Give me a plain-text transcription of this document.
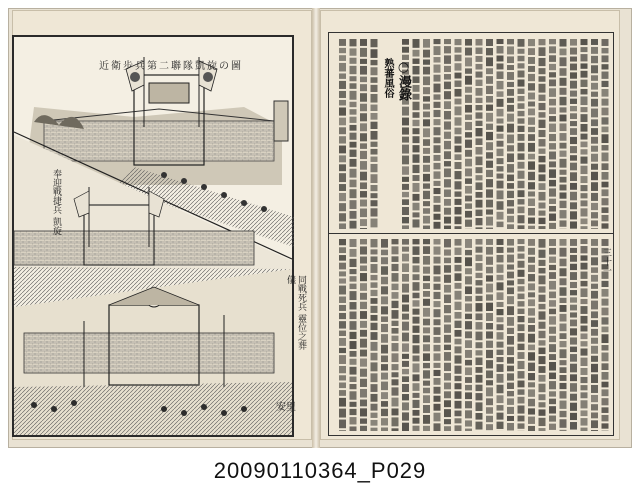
近衛步兵第二聯隊凱旋の圖
奉迎戰捷兵 凱旋
同戰死兵 靈位之葬儀
安里
○漫錄
熟蕃風俗
三十一
20090110364_P029
